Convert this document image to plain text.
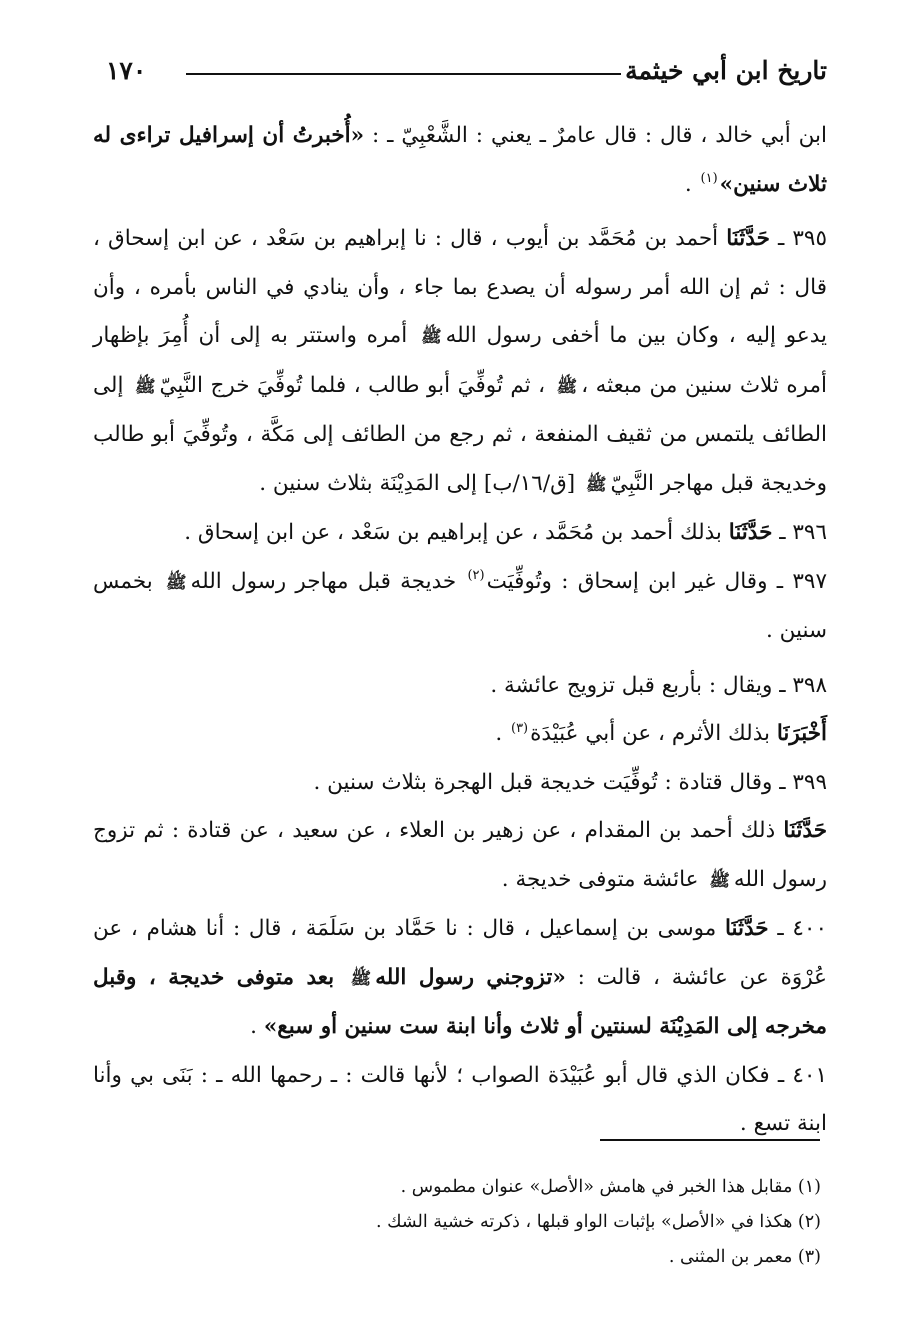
تاريخ ابن أبي خيثمة
١٧٠

ابن أبي خالد ، قال : قال عامرٌ ـ يعني : الشَّعْبِيّ ـ : «أُخبرتُ أن إسرافيل تراءى له ثلاث سنين»$^{(١)}$ .

٣٩٥ ـ حَدَّثَنَا أحمد بن مُحَمَّد بن أيوب ، قال : نا إبراهيم بن سَعْد ، عن ابن إسحاق ، قال : ثم إن الله أمر رسوله أن يصدع بما جاء ، وأن ينادي في الناس بأمره ، وأن يدعو إليه ، وكان بين ما أخفى رسول اللهﷺ أمره واستتر به إلى أن أُمِرَ بإظهار أمره ثلاث سنين من مبعثه ،ﷺ ، ثم تُوفِّيَ أبو طالب ، فلما تُوفِّيَ خرج النَّبِيّﷺ إلى الطائف يلتمس من ثقيف المنفعة ، ثم رجع من الطائف إلى مَكَّة ، وتُوفِّيَ أبو طالب وخديجة قبل مهاجر النَّبِيّﷺ [ق/١٦/ب] إلى المَدِيْنَة بثلاث سنين .

٣٩٦ ـ حَدَّثَنَا بذلك أحمد بن مُحَمَّد ، عن إبراهيم بن سَعْد ، عن ابن إسحاق .

٣٩٧ ـ وقال غير ابن إسحاق : وتُوفِّيَت$^{(٢)}$ خديجة قبل مهاجر رسول اللهﷺ بخمس سنين .

٣٩٨ ـ ويقال : بأربع قبل تزويج عائشة .

أَخْبَرَنَا بذلك الأثرم ، عن أبي عُبَيْدَة$^{(٣)}$ .

٣٩٩ ـ وقال قتادة : تُوفِّيَت خديجة قبل الهجرة بثلاث سنين .

حَدَّثَنَا ذلك أحمد بن المقدام ، عن زهير بن العلاء ، عن سعيد ، عن قتادة : ثم تزوج رسول اللهﷺ عائشة متوفى خديجة .

٤٠٠ ـ حَدَّثَنَا موسى بن إسماعيل ، قال : نا حَمَّاد بن سَلَمَة ، قال : أنا هشام ، عن عُرْوَة عن عائشة ، قالت : «تزوجني رسول اللهﷺ بعد متوفى خديجة ، وقبل مخرجه إلى المَدِيْنَة لسنتين أو ثلاث وأنا ابنة ست سنين أو سبع» .

٤٠١ ـ فكان الذي قال أبو عُبَيْدَة الصواب ؛ لأنها قالت : ـ رحمها الله ـ : بَنَى بي وأنا ابنة تسع .

(١) مقابل هذا الخبر في هامش «الأصل» عنوان مطموس .

(٢) هكذا في «الأصل» بإثبات الواو قبلها ، ذكرته خشية الشك .

(٣) معمر بن المثنى .
